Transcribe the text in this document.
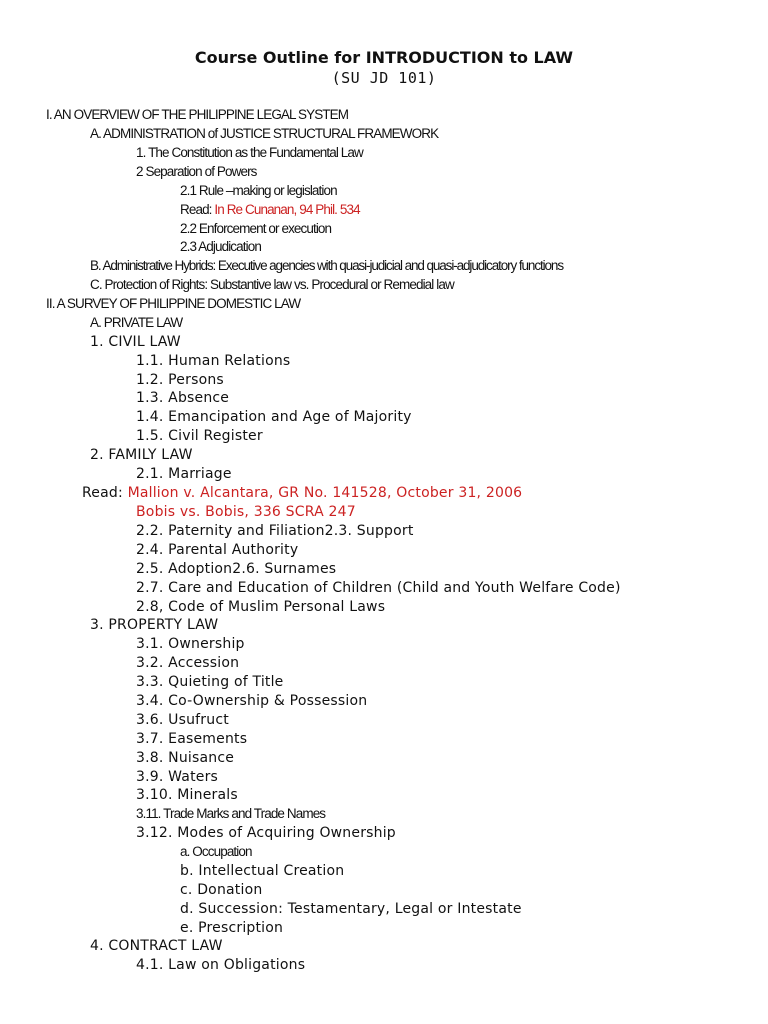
Course Outline for INTRODUCTION to LAW
(SU JD 101)
I. AN OVERVIEW OF THE PHILIPPINE LEGAL SYSTEM
A. ADMINISTRATION of JUSTICE STRUCTURAL FRAMEWORK
1. The Constitution as the Fundamental Law
2 Separation of Powers
2.1 Rule –making or legislation
Read: In Re Cunanan, 94 Phil. 534
2.2 Enforcement or execution
2.3 Adjudication
B. Administrative Hybrids: Executive agencies with quasi-judicial and quasi-adjudicatory functions
C. Protection of Rights: Substantive law vs. Procedural or Remedial law
II. A SURVEY OF PHILIPPINE DOMESTIC LAW
A. PRIVATE LAW
1. CIVIL LAW
1.1. Human Relations
1.2. Persons
1.3. Absence
1.4. Emancipation and Age of Majority
1.5. Civil Register
2. FAMILY LAW
2.1. Marriage
Read: Mallion v. Alcantara, GR No. 141528, October 31, 2006
Bobis vs. Bobis, 336 SCRA 247
2.2. Paternity and Filiation2.3. Support
2.4. Parental Authority
2.5. Adoption2.6. Surnames
2.7. Care and Education of Children (Child and Youth Welfare Code)
2.8, Code of Muslim Personal Laws
3. PROPERTY LAW
3.1. Ownership
3.2. Accession
3.3. Quieting of Title
3.4. Co-Ownership & Possession
3.6. Usufruct
3.7. Easements
3.8. Nuisance
3.9. Waters
3.10. Minerals
3.11. Trade Marks and Trade Names
3.12. Modes of Acquiring Ownership
a. Occupation
b. Intellectual Creation
c. Donation
d. Succession: Testamentary, Legal or Intestate
e. Prescription
4. CONTRACT LAW
4.1. Law on Obligations
